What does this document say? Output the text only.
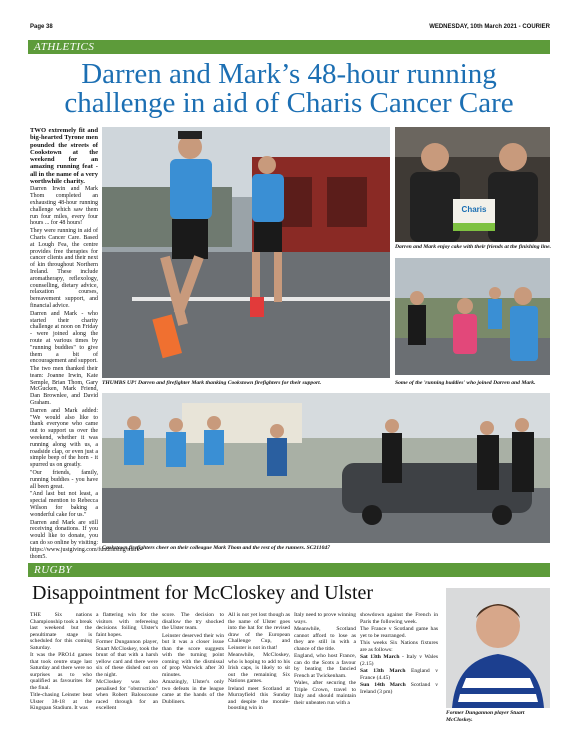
Page 38	WEDNESDAY, 10th March 2021 - COURIER
ATHLETICS
Darren and Mark’s 48-hour running
challenge in aid of Charis Cancer Care

TWO extremely fit and big-hearted Tyrone men pounded the streets of Cookstown at the weekend for an amazing running feat - all in the name of a very worthwhile charity.

Darren Irwin and Mark Thom completed an exhausting 48-hour running challenge which saw them run four miles, every four hours ... for 48 hours!

They were running in aid of Charis Cancer Care. Based at Lough Fea, the centre provides free therapies for cancer clients and their next of kin throughout Northern Ireland. These include aromatherapy, reflexology, counselling, dietary advice, relaxation courses, bereavement support, and financial advice.

Darren and Mark - who started their charity challenge at noon on Friday - were joined along the route at various times by "running buddies" to give them a bit of encouragement and support.

The two men thanked their team: Joanne Irwin, Kate Semple, Brian Thom, Gary McGucken, Mark Friend, Dan Brownlee, and David Graham.

Darren and Mark added: "We would also like to thank everyone who came out to support us over the weekend, whether it was running along with us, a roadside clap, or even just a simple beep of the horn - it spurred us on greatly.

"Our friends, family, running buddies - you have all been great.

"And last but not least, a special mention to Rebecca Wilson for baking a wonderful cake for us."

Darren and Mark are still receiving donations. If you would like to donate, you can do so online by visiting: https://www.justgiving.com/fundraising/mark-thom5.

Charis
Darren and Mark enjoy cake with their friends at the finishing line.
THUMBS UP! Darren and firefighter Mark thanking Cookstown firefighters for their support.	Some of the 'running buddies' who joined Darren and Mark.
Cookstown firefighters cheer on their colleague Mark Thom and the rest of the runners. SC211047
RUGBY
Disappointment for McCloskey and Ulster

THE Six nations Championship took a break last weekend but the penultimate stage is scheduled for this coming Saturday.

It was the PRO14 games that took centre stage last Saturday and there were no surprises as to who qualified as favourites for the final.

Title-chasing Leinster beat Ulster 38-18 at the Kingspan Stadium. It was

a flattering win for the visitors with refereeing decisions foiling Ulster's faint hopes.

Former Dungannon player, Stuart McCloskey, took the brunt of that with a harsh yellow card and there were six of these dished out on the night.

McCloskey was also penalised for "obstruction" when Robert Baloucoune raced through for an excellent

score. The decision to disallow the try shocked the Ulster team.

Leinster deserved their win but it was a closer issue than the score suggests with the turning point coming with the dismissal of prop Warwick after 30 minutes.

Amazingly, Ulster's only two defeats in the league came at the hands of the Dubliners.

All is not yet lost though as the name of Ulster goes into the hat for the revised draw of the European Challenge Cup, and Leinster is not in that!

Meanwhile, McCloskey, who is hoping to add to his Irish caps, is likely to sit out the remaining Six Nations games.

Ireland meet Scotland at Murrayfield this Sunday and despite the morale-boosting win in

Italy need to prove winning ways.

Meanwhile, Scotland cannot afford to lose as they are still in with a chance of the title.

England, who host France, can do the Scots a favour by beating the fancied French at Twickenham.

Wales, after securing the Triple Crown, travel to Italy and should maintain their unbeaten run with a

showdown against the French in Paris the following week.

The France v Scotland game has yet to be rearranged.

This weeks Six Nations fixtures are as follows:

Sat 13th March - Italy v Wales (2.15)

Sat 13th March England v France (4.45)

Sun 14th March Scotland v Ireland (3 pm)

Former Dungannon player Stuart McCloskey.
